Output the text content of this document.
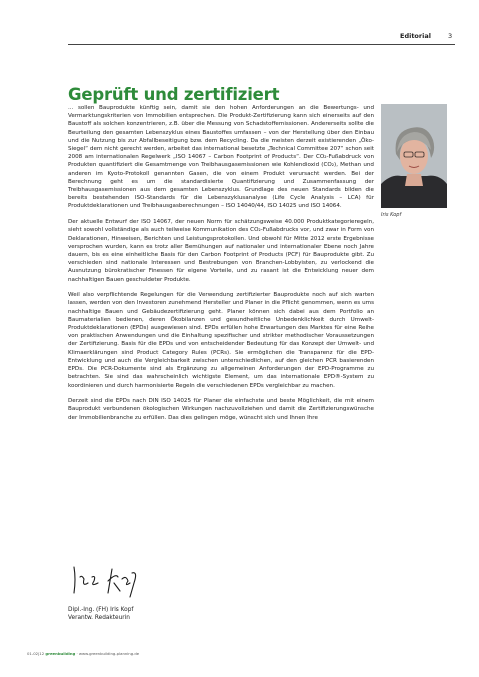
Editorial	3
Geprüft und zertifiziert

... sollen Bauprodukte künftig sein, damit sie den hohen Anforderungen an die Bewertungs- und Vermarktungskriterien von Immobilien entsprechen. Die Produkt-Zertifizierung kann sich einerseits auf den Baustoff als solchen konzentrieren, z.B. über die Messung von Schadstoffemissionen. Andererseits sollte die Beurteilung den gesamten Lebenszyklus eines Baustoffes umfassen – von der Herstellung über den Einbau und die Nutzung bis zur Abfallbeseitigung bzw. dem Recycling. Da die meisten derzeit existierenden „Öko-Siegel“ dem nicht gerecht werden, arbeitet das international besetzte „Technical Committee 207“ schon seit 2008 am internationalen Regelwerk „ISO 14067 – Carbon Footprint of Products“. Der CO₂-Fußabdruck von Produkten quantifiziert die Gesamtmenge von Treibhausgasemissionen wie Kohlendioxid (CO₂), Methan und anderen im Kyoto-Protokoll genannten Gasen, die von einem Produkt verursacht werden. Bei der Berechnung geht es um die standardisierte Quantifizierung und Zusammenfassung der Treibhausgasemissionen aus dem gesamten Lebenszyklus. Grundlage des neuen Standards bilden die bereits bestehenden ISO-Standards für die Lebenszyklusanalyse (Life Cycle Analysis – LCA) für Produktdeklarationen und Treibhausgasberechnungen – ISO 14040/44, ISO 14025 und ISO 14064.

Der aktuelle Entwurf der ISO 14067, der neuen Norm für schätzungsweise 40.000 Produktkategorieregeln, sieht sowohl vollständige als auch teilweise Kommunikation des CO₂-Fußabdrucks vor, und zwar in Form von Deklarationen, Hinweisen, Berichten und Leistungsprotokollen. Und obwohl für Mitte 2012 erste Ergebnisse versprochen wurden, kann es trotz aller Bemühungen auf nationaler und internationaler Ebene noch Jahre dauern, bis es eine einheitliche Basis für den Carbon Footprint of Products (PCF) für Bauprodukte gibt. Zu verschieden sind nationale Interessen und Bestrebungen von Branchen-Lobbyisten, zu verlockend die Ausnutzung bürokratischer Finessen für eigene Vorteile, und zu rasant ist die Entwicklung neuer dem nachhaltigen Bauen geschuldeter Produkte.

Weil also verpflichtende Regelungen für die Verwendung zertifizierter Bauprodukte noch auf sich warten lassen, werden von den Investoren zunehmend Hersteller und Planer in die Pflicht genommen, wenn es ums nachhaltige Bauen und Gebäudezertifizierung geht. Planer können sich dabei aus dem Portfolio an Baumaterialien bedienen, deren Ökobilanzen und gesundheitliche Unbedenklichkeit durch Umwelt-Produktdeklarationen (EPDs) ausgewiesen sind. EPDs erfüllen hohe Erwartungen des Marktes für eine Reihe von praktischen Anwendungen und die Einhaltung spezifischer und strikter methodischer Voraussetzungen der Zertifizierung. Basis für die EPDs und von entscheidender Bedeutung für das Konzept der Umwelt- und Klimaerklärungen sind Product Category Rules (PCRs). Sie ermöglichen die Transparenz für die EPD-Entwicklung und auch die Vergleichbarkeit zwischen unterschiedlichen, auf den gleichen PCR basierenden EPDs. Die PCR-Dokumente sind als Ergänzung zu allgemeinen Anforderungen der EPD-Programme zu betrachten. Sie sind das wahrscheinlich wichtigste Element, um das internationale EPD®-System zu koordinieren und durch harmonisierte Regeln die verschiedenen EPDs vergleichbar zu machen.

Derzeit sind die EPDs nach DIN ISO 14025 für Planer die einfachste und beste Möglichkeit, die mit einem Bauprodukt verbundenen ökologischen Wirkungen nachzuvollziehen und damit die Zertifizierungswünsche der Immobilienbranche zu erfüllen. Das dies gelingen möge, wünscht sich und Ihnen Ihre

Iris Kopf
Dipl.-Ing. (FH) Iris Kopf
Verantw. Redakteurin
01-02|12 greenbuilding · www.greenbuilding-planning.de
